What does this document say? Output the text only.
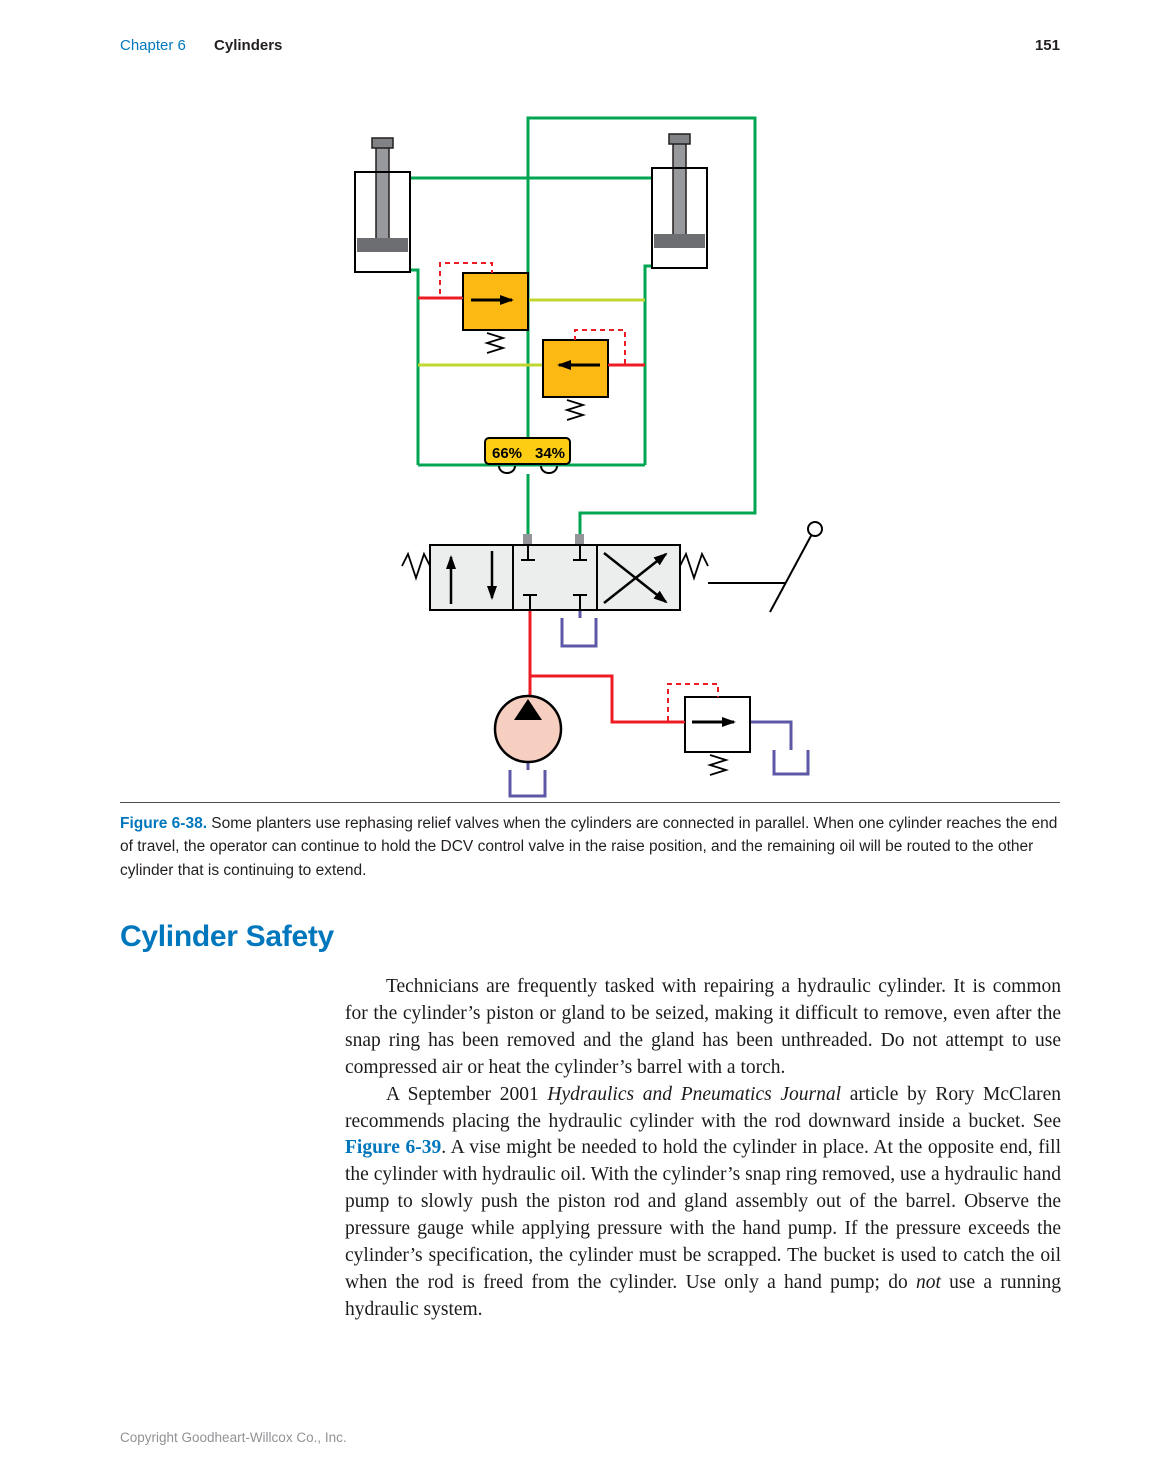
Chapter 6 Cylinders	151
66% 34%
Figure 6-38. Some planters use rephasing relief valves when the cylinders are connected in parallel. When one cylinder reaches the end of travel, the operator can continue to hold the DCV control valve in the raise position, and the remaining oil will be routed to the other cylinder that is continuing to extend.
Cylinder Safety

Technicians are frequently tasked with repairing a hydraulic cylinder. It is common for the cylinder’s piston or gland to be seized, making it difficult to remove, even after the snap ring has been removed and the gland has been unthreaded. Do not attempt to use compressed air or heat the cylinder’s barrel with a torch.

A September 2001 Hydraulics and Pneumatics Journal article by Rory McClaren recommends placing the hydraulic cylinder with the rod downward inside a bucket. See Figure 6-39. A vise might be needed to hold the cylinder in place. At the opposite end, fill the cylinder with hydraulic oil. With the cylinder’s snap ring removed, use a hydraulic hand pump to slowly push the piston rod and gland assembly out of the barrel. Observe the pressure gauge while applying pressure with the hand pump. If the pressure exceeds the cylinder’s specification, the cylinder must be scrapped. The bucket is used to catch the oil when the rod is freed from the cylinder. Use only a hand pump; do not use a running hydraulic system.

Copyright Goodheart-Willcox Co., Inc.
